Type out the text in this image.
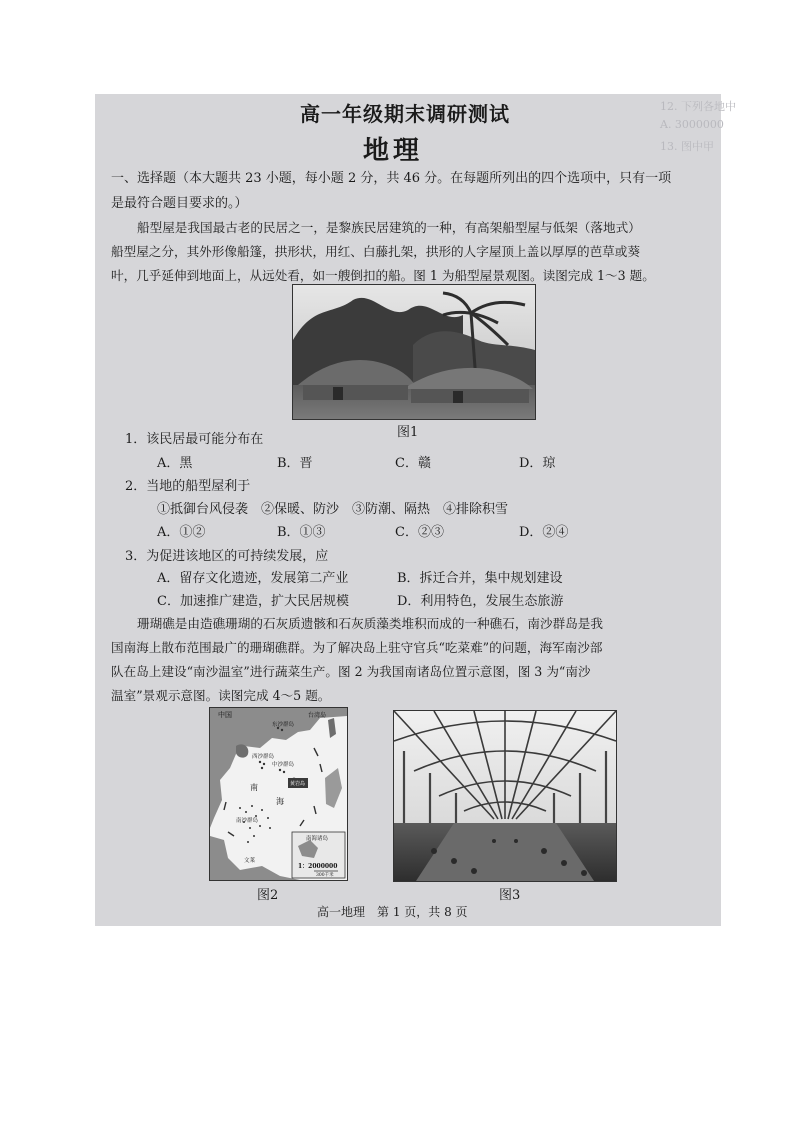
12. 下列各地中
A. 3000000
13. 图中甲
高一年级期末调研测试
地理
一、选择题（本大题共 23 小题，每小题 2 分，共 46 分。在每题所列出的四个选项中，只有一项
是最符合题目要求的。）
船型屋是我国最古老的民居之一，是黎族民居建筑的一种，有高架船型屋与低架（落地式）
船型屋之分，其外形像船篷，拱形状，用红、白藤扎架，拱形的人字屋顶上盖以厚厚的芭草或葵
叶，几乎延伸到地面上，从远处看，如一艘倒扣的船。图 1 为船型屋景观图。读图完成 1～3 题。
图1
1．该民居最可能分布在
A．黑	B．晋	C．赣	D．琼
2．当地的船型屋利于
①抵御台风侵袭　②保暖、防沙　③防潮、隔热　④排除积雪
A．①②	B．①③	C．②③	D．②④
3．为促进该地区的可持续发展，应
A．留存文化遗迹，发展第二产业	B．拆迁合并，集中规划建设
C．加速推广建造，扩大民居规模	D．利用特色，发展生态旅游
珊瑚礁是由造礁珊瑚的石灰质遗骸和石灰质藻类堆积而成的一种礁石，南沙群岛是我
国南海上散布范围最广的珊瑚礁群。为了解决岛上驻守官兵“吃菜难”的问题，海军南沙部
队在岛上建设“南沙温室”进行蔬菜生产。图 2 为我国南诸岛位置示意图，图 3 为“南沙
温室”景观示意图。读图完成 4～5 题。
中国	台湾岛
东沙群岛
西沙群岛
中沙群岛
黄岩岛
南
海
南沙群岛
文莱
南海诸岛
1：2000000
300千米
图2	图3
高一地理　第 1 页，共 8 页
